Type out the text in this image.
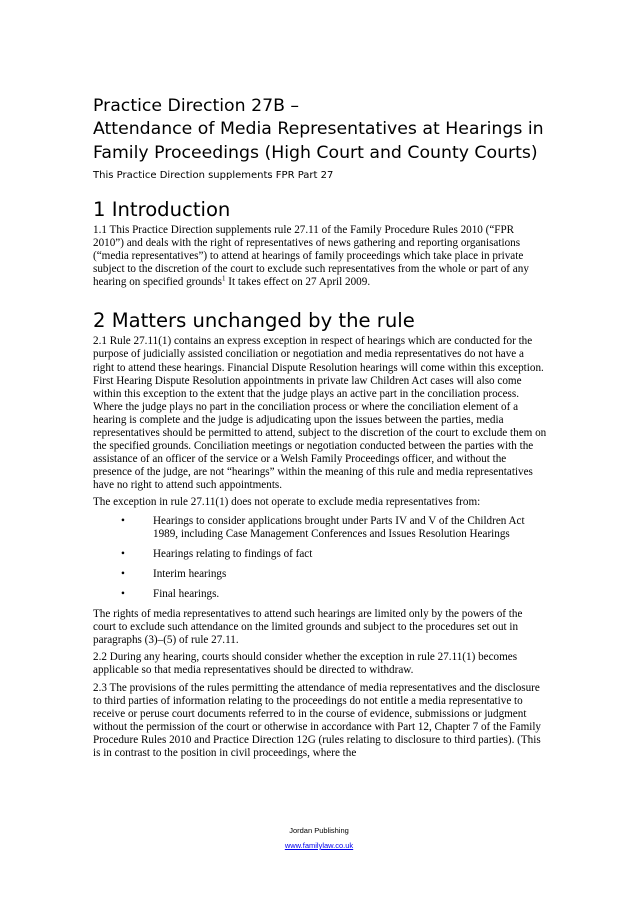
Practice Direction 27B –
Attendance of Media Representatives at Hearings in
Family Proceedings (High Court and County Courts)
This Practice Direction supplements FPR Part 27
1 Introduction

1.1 This Practice Direction supplements rule 27.11 of the Family Procedure Rules 2010 (“FPR 2010”) and deals with the right of representatives of news gathering and reporting organisations (“media representatives”) to attend at hearings of family proceedings which take place in private subject to the discretion of the court to exclude such representatives from the whole or part of any hearing on specified grounds$^1$ It takes effect on 27 April 2009.

2 Matters unchanged by the rule

2.1 Rule 27.11(1) contains an express exception in respect of hearings which are conducted for the purpose of judicially assisted conciliation or negotiation and media representatives do not have a right to attend these hearings. Financial Dispute Resolution hearings will come within this exception. First Hearing Dispute Resolution appointments in private law Children Act cases will also come within this exception to the extent that the judge plays an active part in the conciliation process. Where the judge plays no part in the conciliation process or where the conciliation element of a hearing is complete and the judge is adjudicating upon the issues between the parties, media representatives should be permitted to attend, subject to the discretion of the court to exclude them on the specified grounds. Conciliation meetings or negotiation conducted between the parties with the assistance of an officer of the service or a Welsh Family Proceedings officer, and without the presence of the judge, are not “hearings” within the meaning of this rule and media representatives have no right to attend such appointments.

The exception in rule 27.11(1) does not operate to exclude media representatives from:

•	Hearings to consider applications brought under Parts IV and V of the Children Act 1989, including Case Management Conferences and Issues Resolution Hearings
•	Hearings relating to findings of fact
•	Interim hearings
•	Final hearings.

The rights of media representatives to attend such hearings are limited only by the powers of the court to exclude such attendance on the limited grounds and subject to the procedures set out in paragraphs (3)–(5) of rule 27.11.

2.2 During any hearing, courts should consider whether the exception in rule 27.11(1) becomes applicable so that media representatives should be directed to withdraw.

2.3 The provisions of the rules permitting the attendance of media representatives and the disclosure to third parties of information relating to the proceedings do not entitle a media representative to receive or peruse court documents referred to in the course of evidence, submissions or judgment without the permission of the court or otherwise in accordance with Part 12, Chapter 7 of the Family Procedure Rules 2010 and Practice Direction 12G (rules relating to disclosure to third parties). (This is in contrast to the position in civil proceedings, where the

Jordan Publishing
www.familylaw.co.uk
